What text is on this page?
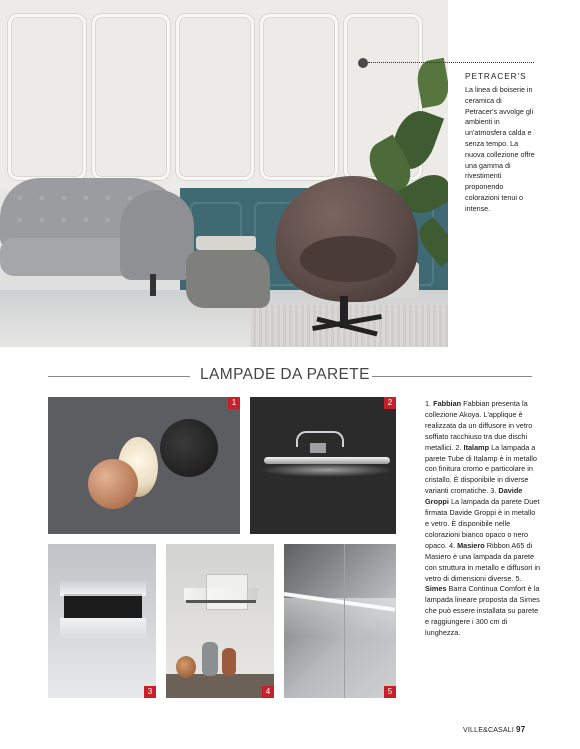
PETRACER'S
La linea di boiserie in ceramica di Petracer's avvolge gli ambienti in un'atmosfera calda e senza tempo. La nuova collezione offre una gamma di rivestimenti proponendo colorazioni tenui o intense.
LAMPADE DA PARETE
1	2
3	4	5
1. Fabbian Fabbian presenta la collezione Akoya. L'applique è realizzata da un diffusore in vetro soffiato racchiuso tra due dischi metallici. 2. Italamp La lampada a parete Tube di Italamp è in metallo con finitura cromo e particolare in cristallo. È disponibile in diverse varianti cromatiche. 3. Davide Groppi La lampada da parete Duet firmata Davide Groppi è in metallo e vetro. È disponibile nelle colorazioni bianco opaco o nero opaco. 4. Masiero Ribbon A65 di Masiero è una lampada da parete con struttura in metallo e diffusori in vetro di dimensioni diverse. 5. Simes Barra Continua Comfort è la lampada lineare proposta da Simes che può essere installata su parete e raggiungere i 300 cm di lunghezza.
VILLE&CASALI 97
